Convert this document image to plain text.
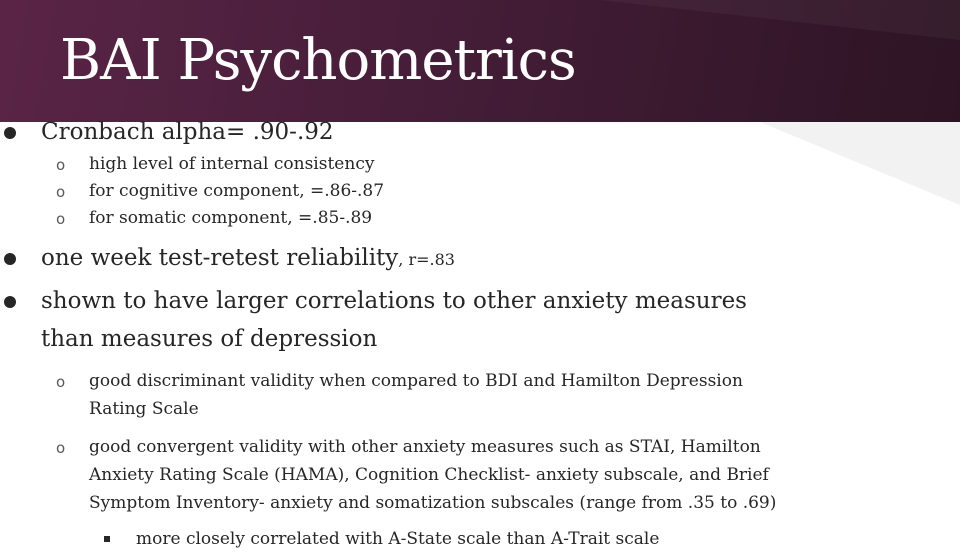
BAI Psychometrics
Cronbach alpha= .90-.92
o high level of internal consistency
o for cognitive component, =.86-.87
o for somatic component, =.85-.89
one week test-retest reliability, r=.83
shown to have larger correlations to other anxiety measures
than measures of depression
o good discriminant validity when compared to BDI and Hamilton Depression
Rating Scale
o good convergent validity with other anxiety measures such as STAI, Hamilton
Anxiety Rating Scale (HAMA), Cognition Checklist- anxiety subscale, and Brief
Symptom Inventory- anxiety and somatization subscales (range from .35 to .69)
more closely correlated with A-State scale than A-Trait scale
